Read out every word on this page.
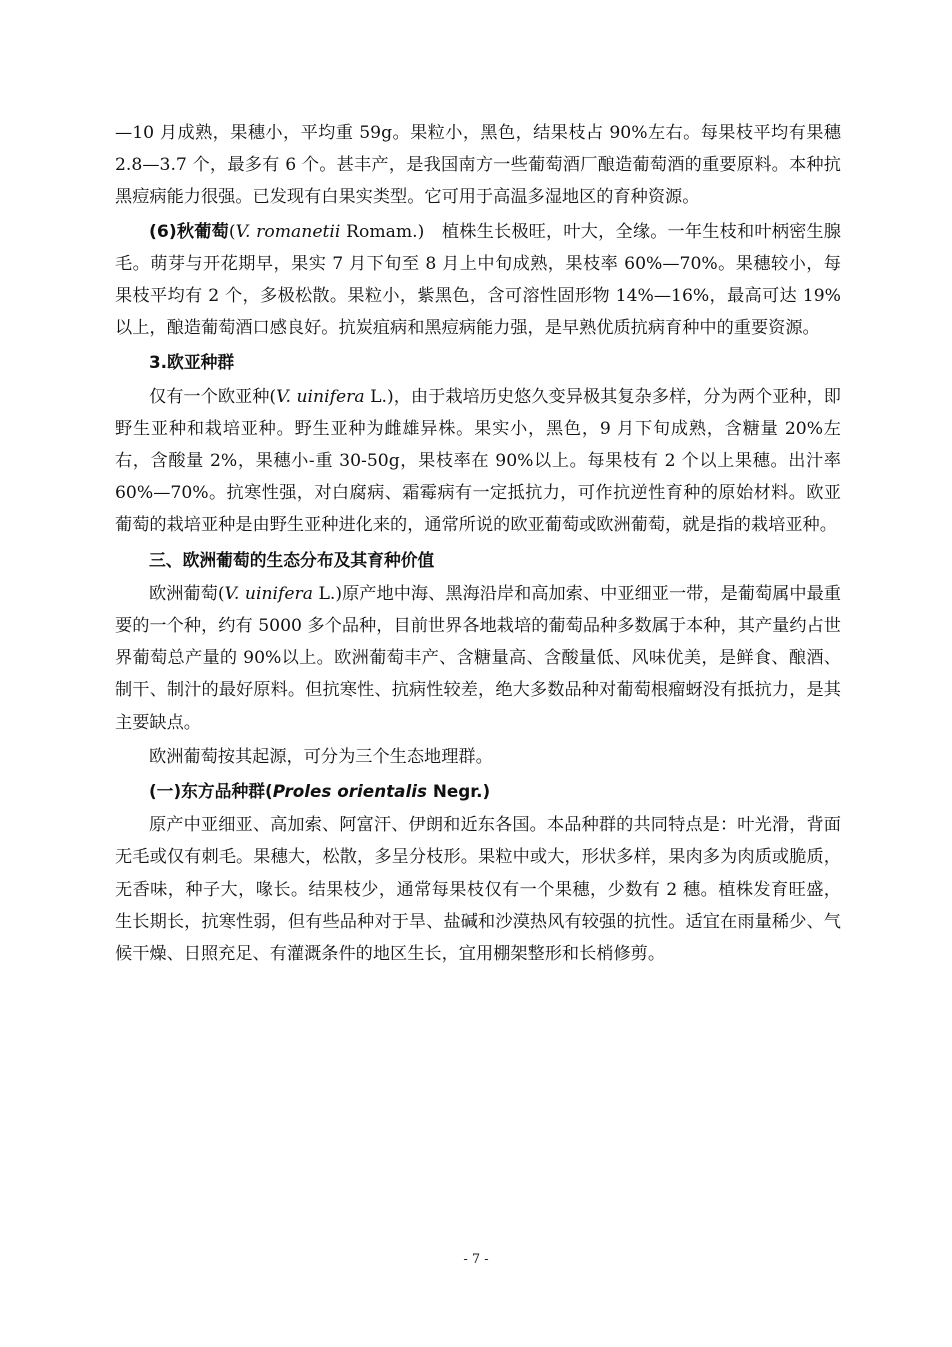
—10 月成熟，果穗小，平均重 59g。果粒小，黑色，结果枝占 90%左右。每果枝平均有果穗 2.8—3.7 个，最多有 6 个。甚丰产，是我国南方一些葡萄酒厂酿造葡萄酒的重要原料。本种抗黑痘病能力很强。已发现有白果实类型。它可用于高温多湿地区的育种资源。

(6)秋葡萄(V. romanetii Romam.)　植株生长极旺，叶大，全缘。一年生枝和叶柄密生腺毛。萌芽与开花期早，果实 7 月下旬至 8 月上中旬成熟，果枝率 60%—70%。果穗较小，每果枝平均有 2 个，多极松散。果粒小，紫黑色，含可溶性固形物 14%—16%，最高可达 19%以上，酿造葡萄酒口感良好。抗炭疽病和黑痘病能力强，是早熟优质抗病育种中的重要资源。

3.欧亚种群

仅有一个欧亚种(V. uinifera L.)，由于栽培历史悠久变异极其复杂多样，分为两个亚种，即野生亚种和栽培亚种。野生亚种为雌雄异株。果实小，黑色，9 月下旬成熟，含糖量 20%左右，含酸量 2%，果穗小-重 30-50g，果枝率在 90%以上。每果枝有 2 个以上果穗。出汁率 60%—70%。抗寒性强，对白腐病、霜霉病有一定抵抗力，可作抗逆性育种的原始材料。欧亚葡萄的栽培亚种是由野生亚种进化来的，通常所说的欧亚葡萄或欧洲葡萄，就是指的栽培亚种。

三、欧洲葡萄的生态分布及其育种价值

欧洲葡萄(V. uinifera L.)原产地中海、黑海沿岸和高加索、中亚细亚一带，是葡萄属中最重要的一个种，约有 5000 多个品种，目前世界各地栽培的葡萄品种多数属于本种，其产量约占世界葡萄总产量的 90%以上。欧洲葡萄丰产、含糖量高、含酸量低、风味优美，是鲜食、酿酒、制干、制汁的最好原料。但抗寒性、抗病性较差，绝大多数品种对葡萄根瘤蚜没有抵抗力，是其主要缺点。

欧洲葡萄按其起源，可分为三个生态地理群。

(一)东方品种群(Proles orientalis Negr.)

原产中亚细亚、高加索、阿富汗、伊朗和近东各国。本品种群的共同特点是：叶光滑，背面无毛或仅有刺毛。果穗大，松散，多呈分枝形。果粒中或大，形状多样，果肉多为肉质或脆质，无香味，种子大，喙长。结果枝少，通常每果枝仅有一个果穗，少数有 2 穗。植株发育旺盛，生长期长，抗寒性弱，但有些品种对于旱、盐碱和沙漠热风有较强的抗性。适宜在雨量稀少、气候干燥、日照充足、有灌溉条件的地区生长，宜用棚架整形和长梢修剪。

- 7 -
